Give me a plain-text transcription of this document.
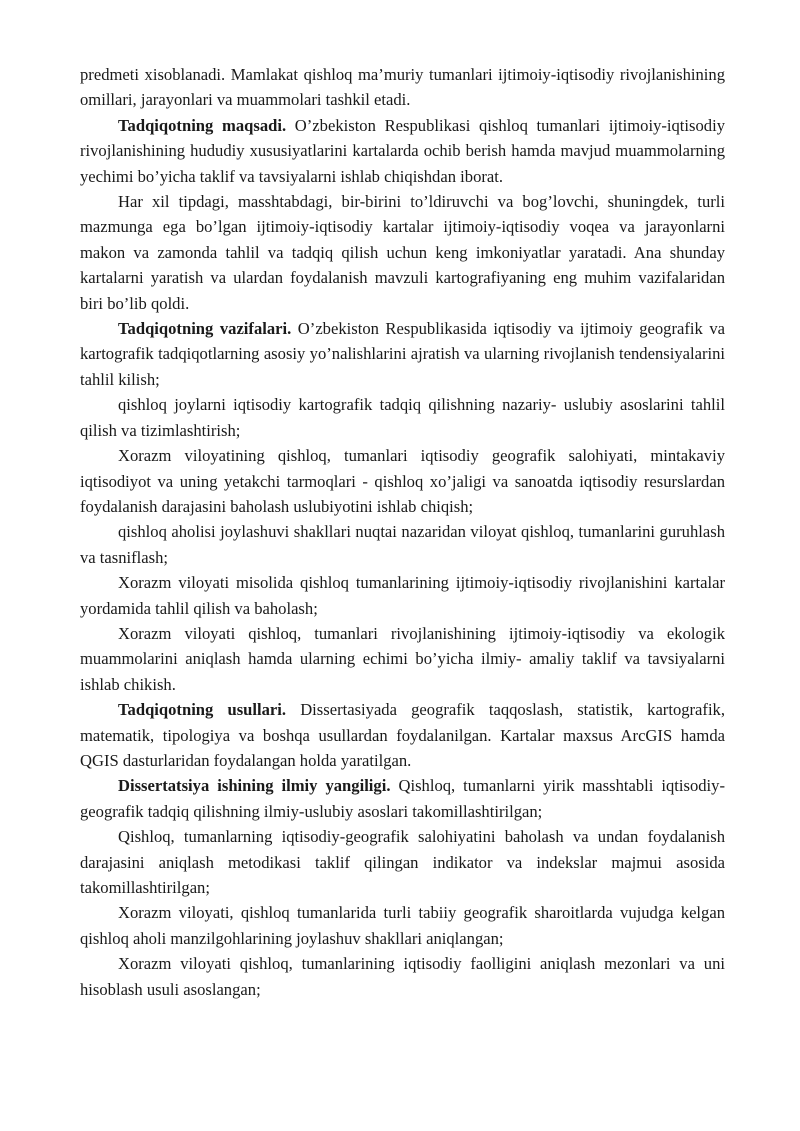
predmeti xisoblanadi. Mamlakat qishloq ma’muriy tumanlari ijtimoiy-iqtisodiy rivojlanishining omillari, jarayonlari va muammolari tashkil etadi.

Tadqiqotning maqsadi. O’zbekiston Respublikasi qishloq tumanlari ijtimoiy-iqtisodiy rivojlanishining hududiy xususiyatlarini kartalarda ochib berish hamda mavjud muammolarning yechimi bo’yicha taklif va tavsiyalarni ishlab chiqishdan iborat.

Har xil tipdagi, masshtabdagi, bir-birini to’ldiruvchi va bog’lovchi, shuningdek, turli mazmunga ega bo’lgan ijtimoiy-iqtisodiy kartalar ijtimoiy-iqtisodiy voqea va jarayonlarni makon va zamonda tahlil va tadqiq qilish uchun keng imkoniyatlar yaratadi. Ana shunday kartalarni yaratish va ulardan foydalanish mavzuli kartografiyaning eng muhim vazifalaridan biri bo’lib qoldi.

Tadqiqotning vazifalari. O’zbekiston Respublikasida iqtisodiy va ijtimoiy geografik va kartografik tadqiqotlarning asosiy yo’nalishlarini ajratish va ularning rivojlanish tendensiyalarini tahlil kilish;

qishloq joylarni iqtisodiy kartografik tadqiq qilishning nazariy- uslubiy asoslarini tahlil qilish va tizimlashtirish;

Xorazm viloyatining qishloq, tumanlari iqtisodiy geografik salohiyati, mintakaviy iqtisodiyot va uning yetakchi tarmoqlari - qishloq xo’jaligi va sanoatda iqtisodiy resurslardan foydalanish darajasini baholash uslubiyotini ishlab chiqish;

qishloq aholisi joylashuvi shakllari nuqtai nazaridan viloyat qishloq, tumanlarini guruhlash va tasniflash;

Xorazm viloyati misolida qishloq tumanlarining ijtimoiy-iqtisodiy rivojlanishini kartalar yordamida tahlil qilish va baholash;

Xorazm viloyati qishloq, tumanlari rivojlanishining ijtimoiy-iqtisodiy va ekologik muammolarini aniqlash hamda ularning echimi bo’yicha ilmiy- amaliy taklif va tavsiyalarni ishlab chikish.

Tadqiqotning usullari. Dissertasiyada geografik taqqoslash, statistik, kartografik, matematik, tipologiya va boshqa usullardan foydalanilgan. Kartalar maxsus ArcGIS hamda QGIS dasturlaridan foydalangan holda yaratilgan.

Dissertatsiya ishining ilmiy yangiligi. Qishloq, tumanlarni yirik masshtabli iqtisodiy-geografik tadqiq qilishning ilmiy-uslubiy asoslari takomillashtirilgan;

Qishloq, tumanlarning iqtisodiy-geografik salohiyatini baholash va undan foydalanish darajasini aniqlash metodikasi taklif qilingan indikator va indekslar majmui asosida takomillashtirilgan;

Xorazm viloyati, qishloq tumanlarida turli tabiiy geografik sharoitlarda vujudga kelgan qishloq aholi manzilgohlarining joylashuv shakllari aniqlangan;

Xorazm viloyati qishloq, tumanlarining iqtisodiy faolligini aniqlash mezonlari va uni hisoblash usuli asoslangan;
